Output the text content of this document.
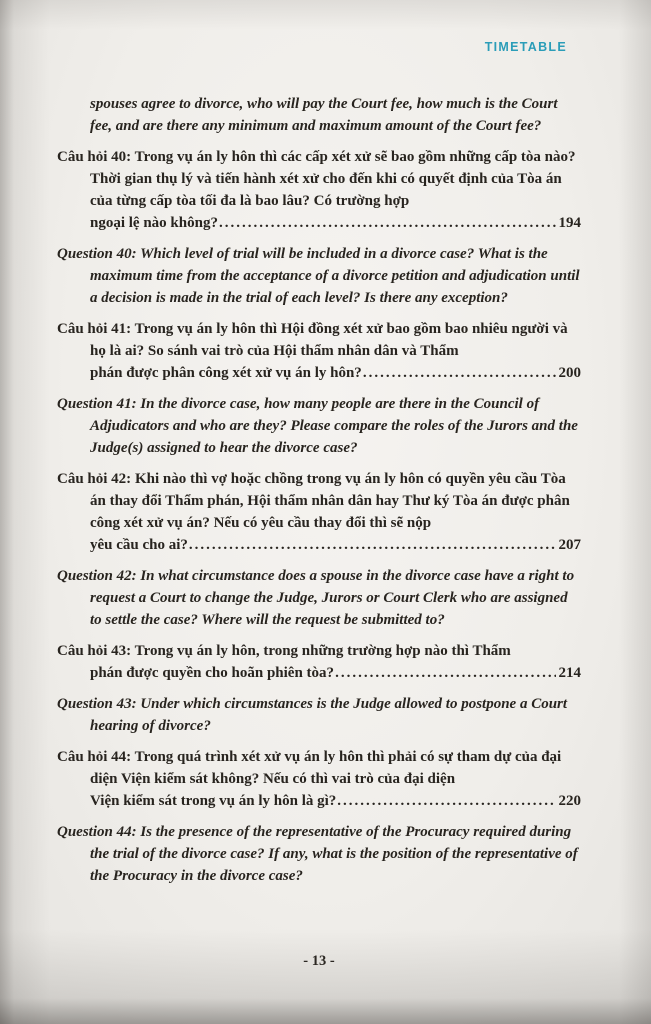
TIMETABLE

spouses agree to divorce, who will pay the Court fee, how much is the Court fee, and are there any minimum and maximum amount of the Court fee?

Câu hỏi 40: Trong vụ án ly hôn thì các cấp xét xử sẽ bao gồm những cấp tòa nào? Thời gian thụ lý và tiến hành xét xử cho đến khi có quyết định của Tòa án của từng cấp tòa tối đa là bao lâu? Có trường hợp

ngoại lệ nào không? .....	194

Question 40: Which level of trial will be included in a divorce case? What is the maximum time from the acceptance of a divorce petition and adjudication until a decision is made in the trial of each level? Is there any exception?

Câu hỏi 41: Trong vụ án ly hôn thì Hội đồng xét xử bao gồm bao nhiêu người và họ là ai? So sánh vai trò của Hội thẩm nhân dân và Thẩm

phán được phân công xét xử vụ án ly hôn? .....	200

Question 41: In the divorce case, how many people are there in the Council of Adjudicators and who are they? Please compare the roles of the Jurors and the Judge(s) assigned to hear the divorce case?

Câu hỏi 42: Khi nào thì vợ hoặc chồng trong vụ án ly hôn có quyền yêu cầu Tòa án thay đổi Thẩm phán, Hội thẩm nhân dân hay Thư ký Tòa án được phân công xét xử vụ án? Nếu có yêu cầu thay đổi thì sẽ nộp

yêu cầu cho ai? .....	207

Question 42: In what circumstance does a spouse in the divorce case have a right to request a Court to change the Judge, Jurors or Court Clerk who are assigned to settle the case? Where will the request be submitted to?

Câu hỏi 43: Trong vụ án ly hôn, trong những trường hợp nào thì Thẩm

phán được quyền cho hoãn phiên tòa? .....	214

Question 43: Under which circumstances is the Judge allowed to postpone a Court hearing of divorce?

Câu hỏi 44: Trong quá trình xét xử vụ án ly hôn thì phải có sự tham dự của đại diện Viện kiểm sát không? Nếu có thì vai trò của đại diện

Viện kiểm sát trong vụ án ly hôn là gì? .....	220

Question 44: Is the presence of the representative of the Procuracy required during the trial of the divorce case? If any, what is the position of the representative of the Procuracy in the divorce case?

- 13 -
